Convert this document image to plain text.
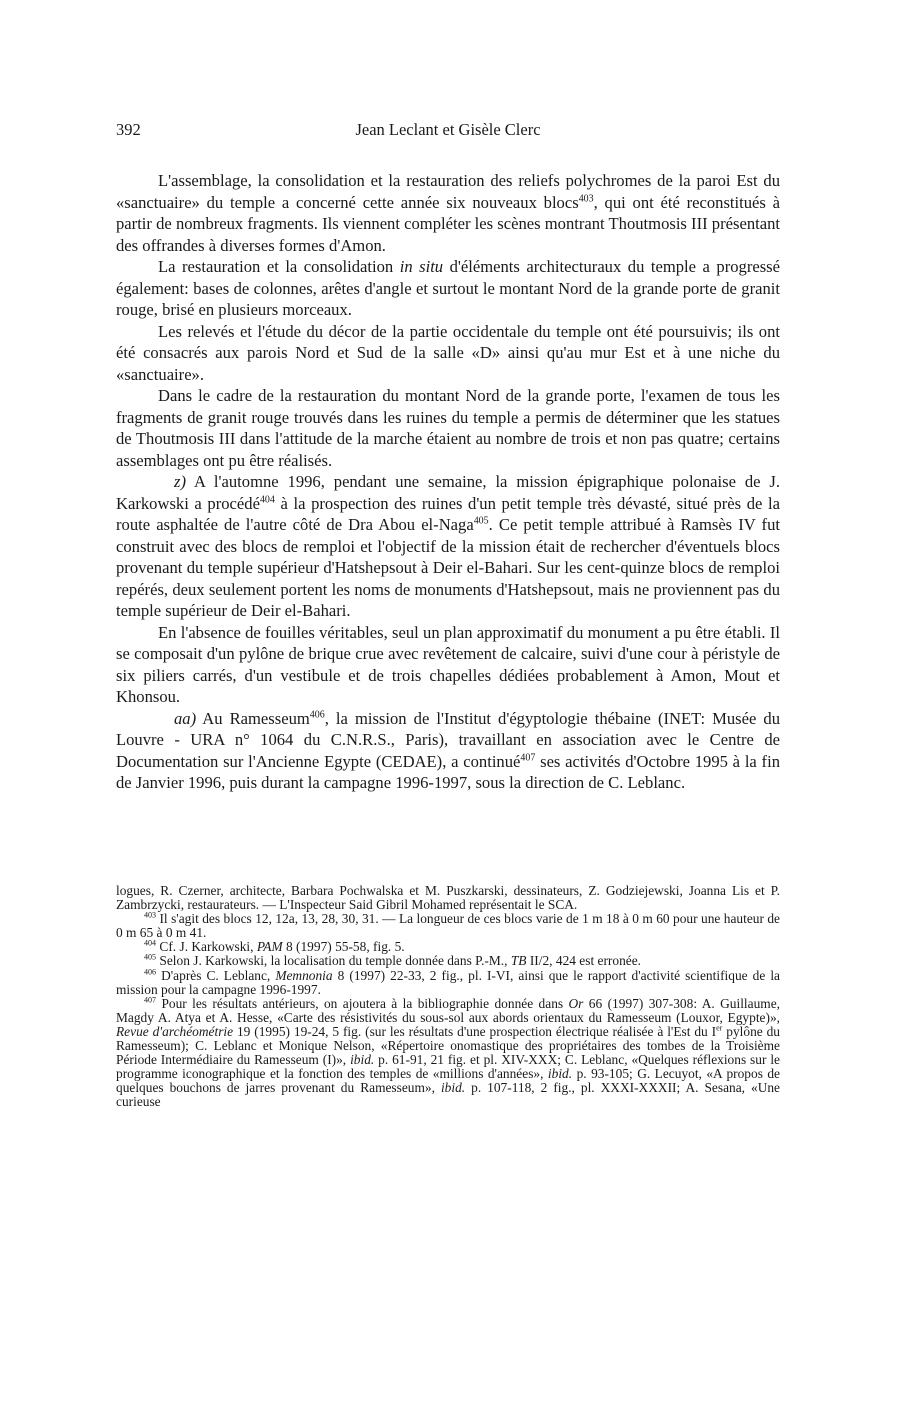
392	Jean Leclant et Gisèle Clerc

L'assemblage, la consolidation et la restauration des reliefs polychromes de la paroi Est du «sanctuaire» du temple a concerné cette année six nouveaux blocs$^{403}$, qui ont été reconstitués à partir de nombreux fragments. Ils viennent compléter les scènes montrant Thoutmosis III présentant des offrandes à diverses formes d'Amon.

La restauration et la consolidation in situ d'éléments architecturaux du temple a progressé également: bases de colonnes, arêtes d'angle et surtout le montant Nord de la grande porte de granit rouge, brisé en plusieurs morceaux.

Les relevés et l'étude du décor de la partie occidentale du temple ont été poursuivis; ils ont été consacrés aux parois Nord et Sud de la salle «D» ainsi qu'au mur Est et à une niche du «sanctuaire».

Dans le cadre de la restauration du montant Nord de la grande porte, l'examen de tous les fragments de granit rouge trouvés dans les ruines du temple a permis de déterminer que les statues de Thoutmosis III dans l'attitude de la marche étaient au nombre de trois et non pas quatre; certains assemblages ont pu être réalisés.

z) A l'automne 1996, pendant une semaine, la mission épigraphique polonaise de J. Karkowski a procédé$^{404}$ à la prospection des ruines d'un petit temple très dévasté, situé près de la route asphaltée de l'autre côté de Dra Abou el-Naga$^{405}$. Ce petit temple attribué à Ramsès IV fut construit avec des blocs de remploi et l'objectif de la mission était de rechercher d'éventuels blocs provenant du temple supérieur d'Hatshepsout à Deir el-Bahari. Sur les cent-quinze blocs de remploi repérés, deux seulement portent les noms de monuments d'Hatshepsout, mais ne proviennent pas du temple supérieur de Deir el-Bahari.

En l'absence de fouilles véritables, seul un plan approximatif du monument a pu être établi. Il se composait d'un pylône de brique crue avec revêtement de calcaire, suivi d'une cour à péristyle de six piliers carrés, d'un vestibule et de trois chapelles dédiées probablement à Amon, Mout et Khonsou.

aa) Au Ramesseum$^{406}$, la mission de l'Institut d'égyptologie thébaine (INET: Musée du Louvre - URA n° 1064 du C.N.R.S., Paris), travaillant en association avec le Centre de Documentation sur l'Ancienne Egypte (CEDAE), a continué$^{407}$ ses activités d'Octobre 1995 à la fin de Janvier 1996, puis durant la campagne 1996-1997, sous la direction de C. Leblanc.

logues, R. Czerner, architecte, Barbara Pochwalska et M. Puszkarski, dessinateurs, Z. Godziejewski, Joanna Lis et P. Zambrzycki, restaurateurs. — L'Inspecteur Said Gibril Mohamed représentait le SCA.

$^{403}$ Il s'agit des blocs 12, 12a, 13, 28, 30, 31. — La longueur de ces blocs varie de 1 m 18 à 0 m 60 pour une hauteur de 0 m 65 à 0 m 41.

$^{404}$ Cf. J. Karkowski, PAM 8 (1997) 55-58, fig. 5.

$^{405}$ Selon J. Karkowski, la localisation du temple donnée dans P.-M., TB II/2, 424 est erronée.

$^{406}$ D'après C. Leblanc, Memnonia 8 (1997) 22-33, 2 fig., pl. I-VI, ainsi que le rapport d'activité scientifique de la mission pour la campagne 1996-1997.

$^{407}$ Pour les résultats antérieurs, on ajoutera à la bibliographie donnée dans Or 66 (1997) 307-308: A. Guillaume, Magdy A. Atya et A. Hesse, «Carte des résistivités du sous-sol aux abords orientaux du Ramesseum (Louxor, Egypte)», Revue d'archéométrie 19 (1995) 19-24, 5 fig. (sur les résultats d'une prospection électrique réalisée à l'Est du Ier pylône du Ramesseum); C. Leblanc et Monique Nelson, «Répertoire onomastique des propriétaires des tombes de la Troisième Période Intermédiaire du Ramesseum (I)», ibid. p. 61-91, 21 fig. et pl. XIV-XXX; C. Leblanc, «Quelques réflexions sur le programme iconographique et la fonction des temples de «millions d'années», ibid. p. 93-105; G. Lecuyot, «A propos de quelques bouchons de jarres provenant du Ramesseum», ibid. p. 107-118, 2 fig., pl. XXXI-XXXII; A. Sesana, «Une curieuse
